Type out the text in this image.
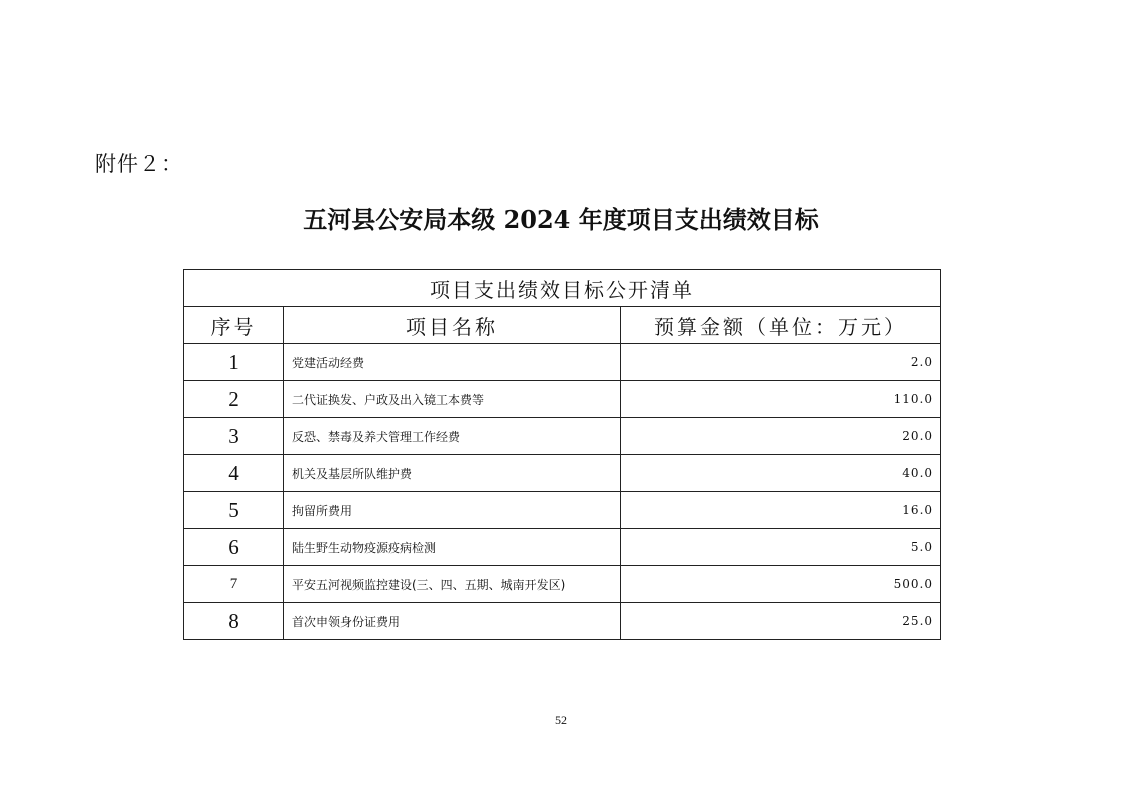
附件２：
五河县公安局本级 2024 年度项目支出绩效目标
项目支出绩效目标公开清单		
序号	项目名称	预算金额（单位：万元）
1	党建活动经费	2.0
2	二代证换发、户政及出入镜工本费等	110.0
3	反恐、禁毒及养犬管理工作经费	20.0
4	机关及基层所队维护费	40.0
5	拘留所费用	16.0
6	陆生野生动物疫源疫病检测	5.0
7	平安五河视频监控建设(三、四、五期、城南开发区)	500.0
8	首次申领身份证费用	25.0
52
